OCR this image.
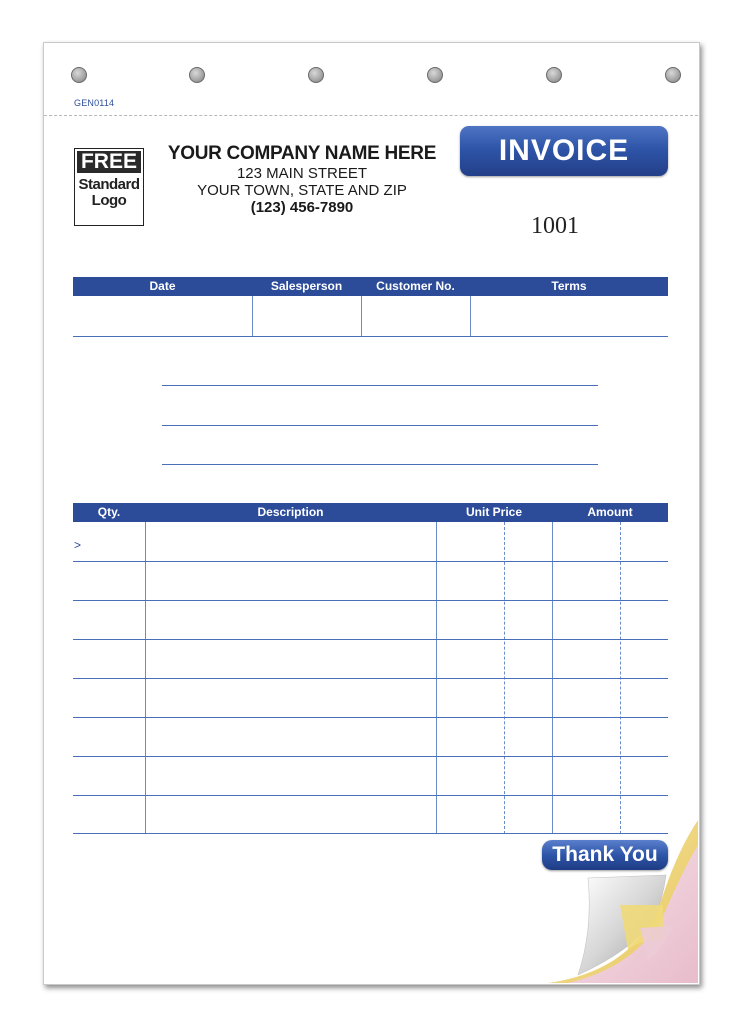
GEN0114
FREE
Standard
Logo
YOUR COMPANY NAME HERE
123 MAIN STREET
YOUR TOWN, STATE AND ZIP
(123) 456-7890
INVOICE
1001
Date	Salesperson	Customer No.	Terms
Qty.	Description	Unit Price	Amount
>
Thank You
